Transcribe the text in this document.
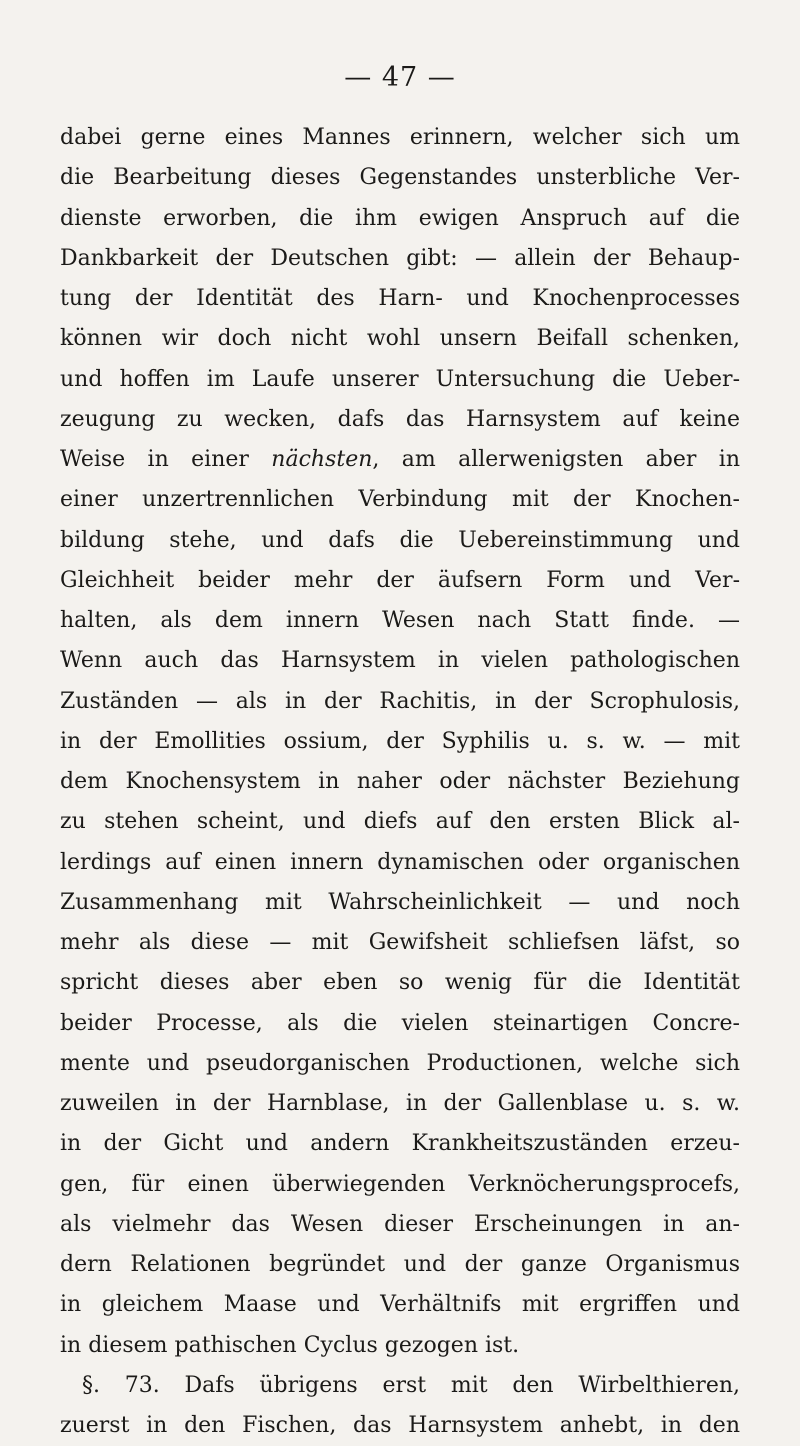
— 47 —
dabei gerne eines Mannes erinnern, welcher sich um
die Bearbeitung dieses Gegenstandes unsterbliche Ver-
dienste erworben, die ihm ewigen Anspruch auf die
Dankbarkeit der Deutschen gibt: — allein der Behaup-
tung der Identität des Harn- und Knochenprocesses
können wir doch nicht wohl unsern Beifall schenken,
und hoffen im Laufe unserer Untersuchung die Ueber-
zeugung zu wecken, dafs das Harnsystem auf keine
Weise in einer nächsten, am allerwenigsten aber in
einer unzertrennlichen Verbindung mit der Knochen-
bildung stehe, und dafs die Uebereinstimmung und
Gleichheit beider mehr der äufsern Form und Ver-
halten, als dem innern Wesen nach Statt finde. —
Wenn auch das Harnsystem in vielen pathologischen
Zuständen — als in der Rachitis, in der Scrophulosis,
in der Emollities ossium, der Syphilis u. s. w. — mit
dem Knochensystem in naher oder nächster Beziehung
zu stehen scheint, und diefs auf den ersten Blick al-
lerdings auf einen innern dynamischen oder organischen
Zusammenhang mit Wahrscheinlichkeit — und noch
mehr als diese — mit Gewifsheit schliefsen läfst, so
spricht dieses aber eben so wenig für die Identität
beider Processe, als die vielen steinartigen Concre-
mente und pseudorganischen Productionen, welche sich
zuweilen in der Harnblase, in der Gallenblase u. s. w.
in der Gicht und andern Krankheitszuständen erzeu-
gen, für einen überwiegenden Verknöcherungsprocefs,
als vielmehr das Wesen dieser Erscheinungen in an-
dern Relationen begründet und der ganze Organismus
in gleichem Maase und Verhältnifs mit ergriffen und
in diesem pathischen Cyclus gezogen ist.
§. 73. Dafs übrigens erst mit den Wirbelthieren,
zuerst in den Fischen, das Harnsystem anhebt, in den
